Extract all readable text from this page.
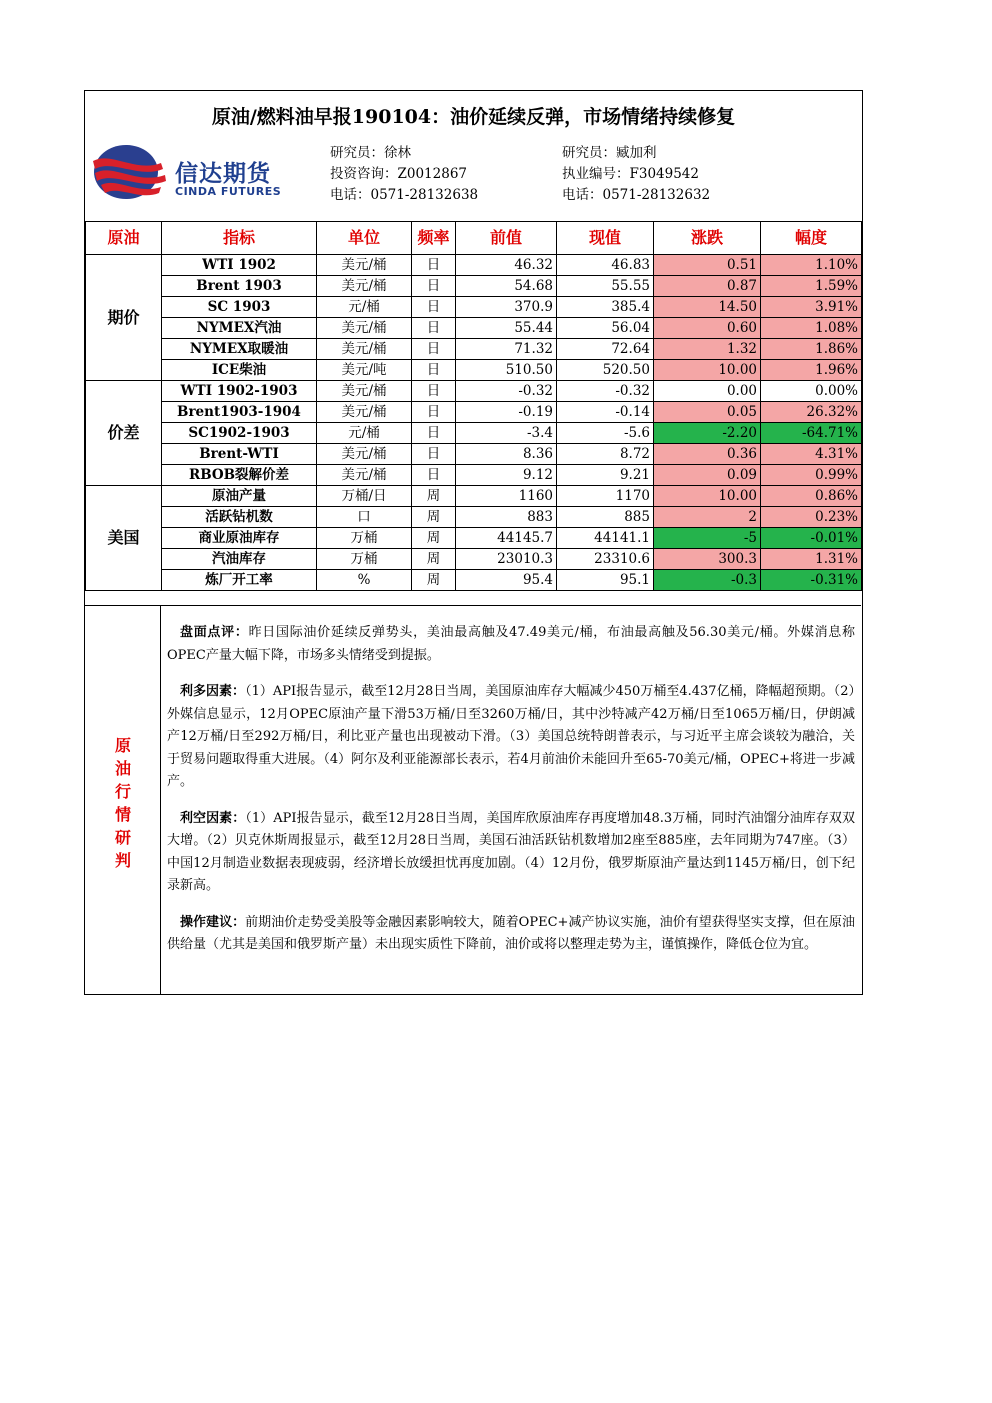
原油/燃料油早报190104：油价延续反弹，市场情绪持续修复
信达期货
CINDA FUTURES
研究员：徐林
投资咨询：Z0012867
电话：0571-28132638
研究员：臧加利
执业编号：F3049542
电话：0571-28132632
原油	指标	单位	频率	前值	现值	涨跌	幅度
期价	WTI 1902	美元/桶	日	46.32	46.83	0.51	1.10%
	Brent 1903	美元/桶	日	54.68	55.55	0.87	1.59%
	SC 1903	元/桶	日	370.9	385.4	14.50	3.91%
	NYMEX汽油	美元/桶	日	55.44	56.04	0.60	1.08%
	NYMEX取暖油	美元/桶	日	71.32	72.64	1.32	1.86%
	ICE柴油	美元/吨	日	510.50	520.50	10.00	1.96%
价差	WTI 1902-1903	美元/桶	日	-0.32	-0.32	0.00	0.00%
	Brent1903-1904	美元/桶	日	-0.19	-0.14	0.05	26.32%
	SC1902-1903	元/桶	日	-3.4	-5.6	-2.20	-64.71%
	Brent-WTI	美元/桶	日	8.36	8.72	0.36	4.31%
	RBOB裂解价差	美元/桶	日	9.12	9.21	0.09	0.99%
美国	原油产量	万桶/日	周	1160	1170	10.00	0.86%
	活跃钻机数	口	周	883	885	2	0.23%
	商业原油库存	万桶	周	44145.7	44141.1	-5	-0.01%
	汽油库存	万桶	周	23010.3	23310.6	300.3	1.31%
	炼厂开工率	%	周	95.4	95.1	-0.3	-0.31%
原
油
行
情
研
判

盘面点评：昨日国际油价延续反弹势头，美油最高触及47.49美元/桶，布油最高触及56.30美元/桶。外媒消息称OPEC产量大幅下降，市场多头情绪受到提振。

利多因素：（1）API报告显示，截至12月28日当周，美国原油库存大幅减少450万桶至4.437亿桶，降幅超预期。（2）外媒信息显示，12月OPEC原油产量下滑53万桶/日至3260万桶/日，其中沙特减产42万桶/日至1065万桶/日，伊朗减产12万桶/日至292万桶/日，利比亚产量也出现被动下滑。（3）美国总统特朗普表示，与习近平主席会谈较为融洽，关于贸易问题取得重大进展。（4）阿尔及利亚能源部长表示，若4月前油价未能回升至65-70美元/桶，OPEC+将进一步减产。

利空因素：（1）API报告显示，截至12月28日当周，美国库欣原油库存再度增加48.3万桶，同时汽油馏分油库存双双大增。（2）贝克休斯周报显示，截至12月28日当周，美国石油活跃钻机数增加2座至885座，去年同期为747座。（3）中国12月制造业数据表现疲弱，经济增长放缓担忧再度加剧。（4）12月份，俄罗斯原油产量达到1145万桶/日，创下纪录新高。

操作建议：前期油价走势受美股等金融因素影响较大，随着OPEC+减产协议实施，油价有望获得坚实支撑，但在原油供给量（尤其是美国和俄罗斯产量）未出现实质性下降前，油价或将以整理走势为主，谨慎操作，降低仓位为宜。
